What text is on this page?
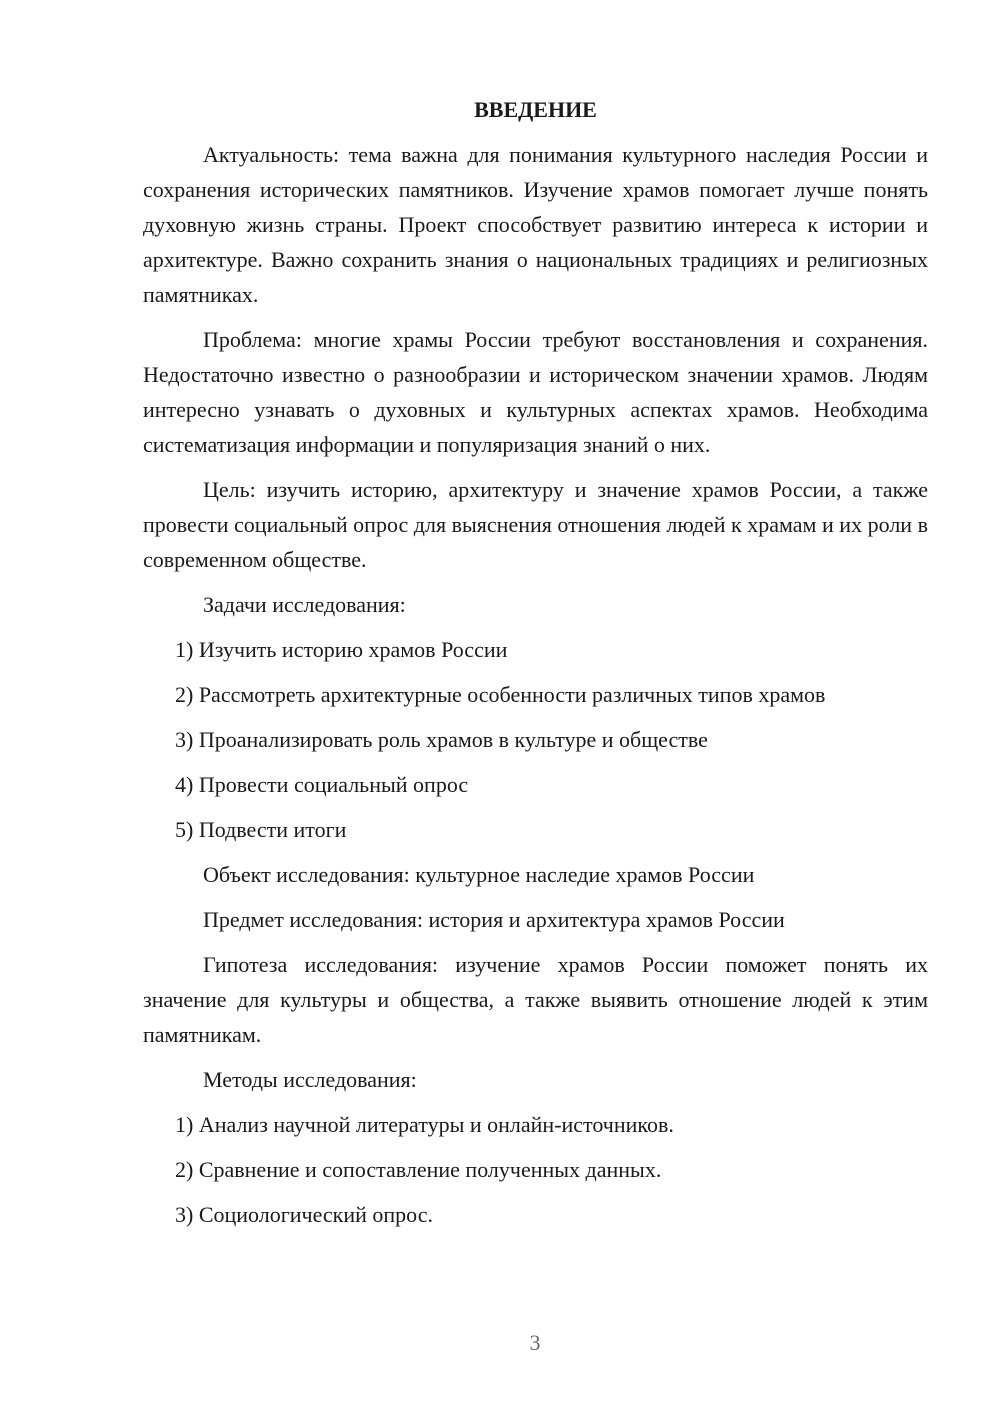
ВВЕДЕНИЕ
Актуальность: тема важна для понимания культурного наследия России и сохранения исторических памятников. Изучение храмов помогает лучше понять духовную жизнь страны. Проект способствует развитию интереса к истории и архитектуре. Важно сохранить знания о национальных традициях и религиозных памятниках.
Проблема: многие храмы России требуют восстановления и сохранения. Недостаточно известно о разнообразии и историческом значении храмов. Людям интересно узнавать о духовных и культурных аспектах храмов. Необходима систематизация информации и популяризация знаний о них.
Цель: изучить историю, архитектуру и значение храмов России, а также провести социальный опрос для выяснения отношения людей к храмам и их роли в современном обществе.
Задачи исследования:
1) Изучить историю храмов России
2) Рассмотреть архитектурные особенности различных типов храмов
3) Проанализировать роль храмов в культуре и обществе
4) Провести социальный опрос
5) Подвести итоги
Объект исследования: культурное наследие храмов России
Предмет исследования: история и архитектура храмов России
Гипотеза исследования: изучение храмов России поможет понять их значение для культуры и общества, а также выявить отношение людей к этим памятникам.
Методы исследования:
1) Анализ научной литературы и онлайн-источников.
2) Сравнение и сопоставление полученных данных.
3) Социологический опрос.
3
